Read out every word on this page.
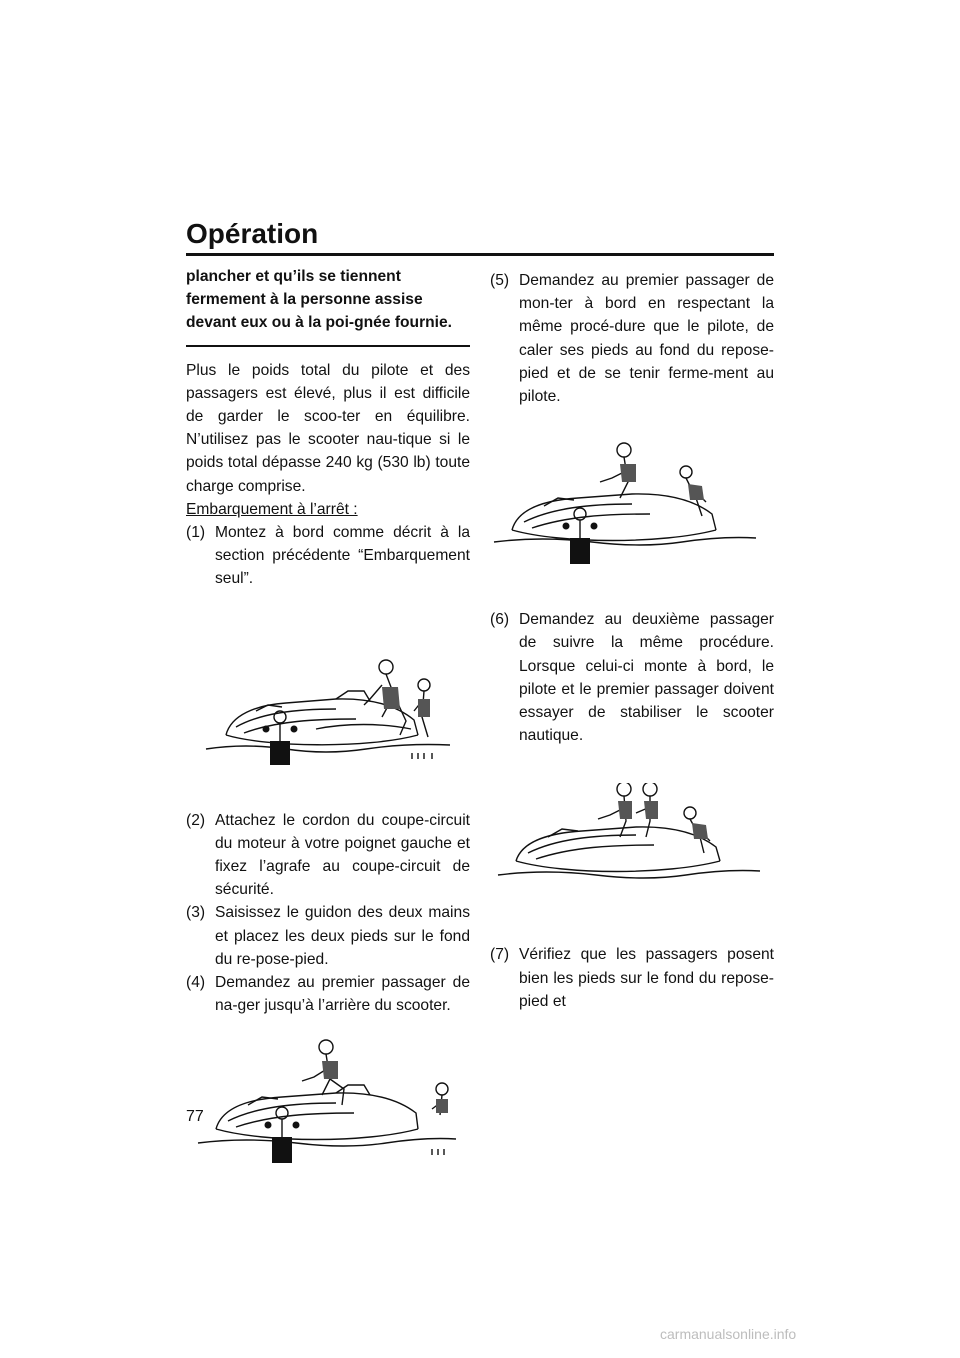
Opération

plancher et qu’ils se tiennent fermement à la personne assise devant eux ou à la poi-gnée fournie.

Plus le poids total du pilote et des passagers est élevé, plus il est difficile de garder le scoo-ter en équilibre. N’utilisez pas le scooter nau-tique si le poids total dépasse 240 kg (530 lb) toute charge comprise.

Embarquement à l’arrêt :
(1) Montez à bord comme décrit à la section précédente “Embarquement seul”.
(2) Attachez le cordon du coupe-circuit du moteur à votre poignet gauche et fixez l’agrafe au coupe-circuit de sécurité.
(3) Saisissez le guidon des deux mains et placez les deux pieds sur le fond du re-pose-pied.
(4) Demandez au premier passager de na-ger jusqu’à l’arrière du scooter.
(5) Demandez au premier passager de mon-ter à bord en respectant la même procé-dure que le pilote, de caler ses pieds au fond du repose-pied et de se tenir ferme-ment au pilote.
(6) Demandez au deuxième passager de suivre la même procédure. Lorsque celui-ci monte à bord, le pilote et le premier passager doivent essayer de stabiliser le scooter nautique.
(7) Vérifiez que les passagers posent bien les pieds sur le fond du repose-pied et
77
carmanualsonline.info
